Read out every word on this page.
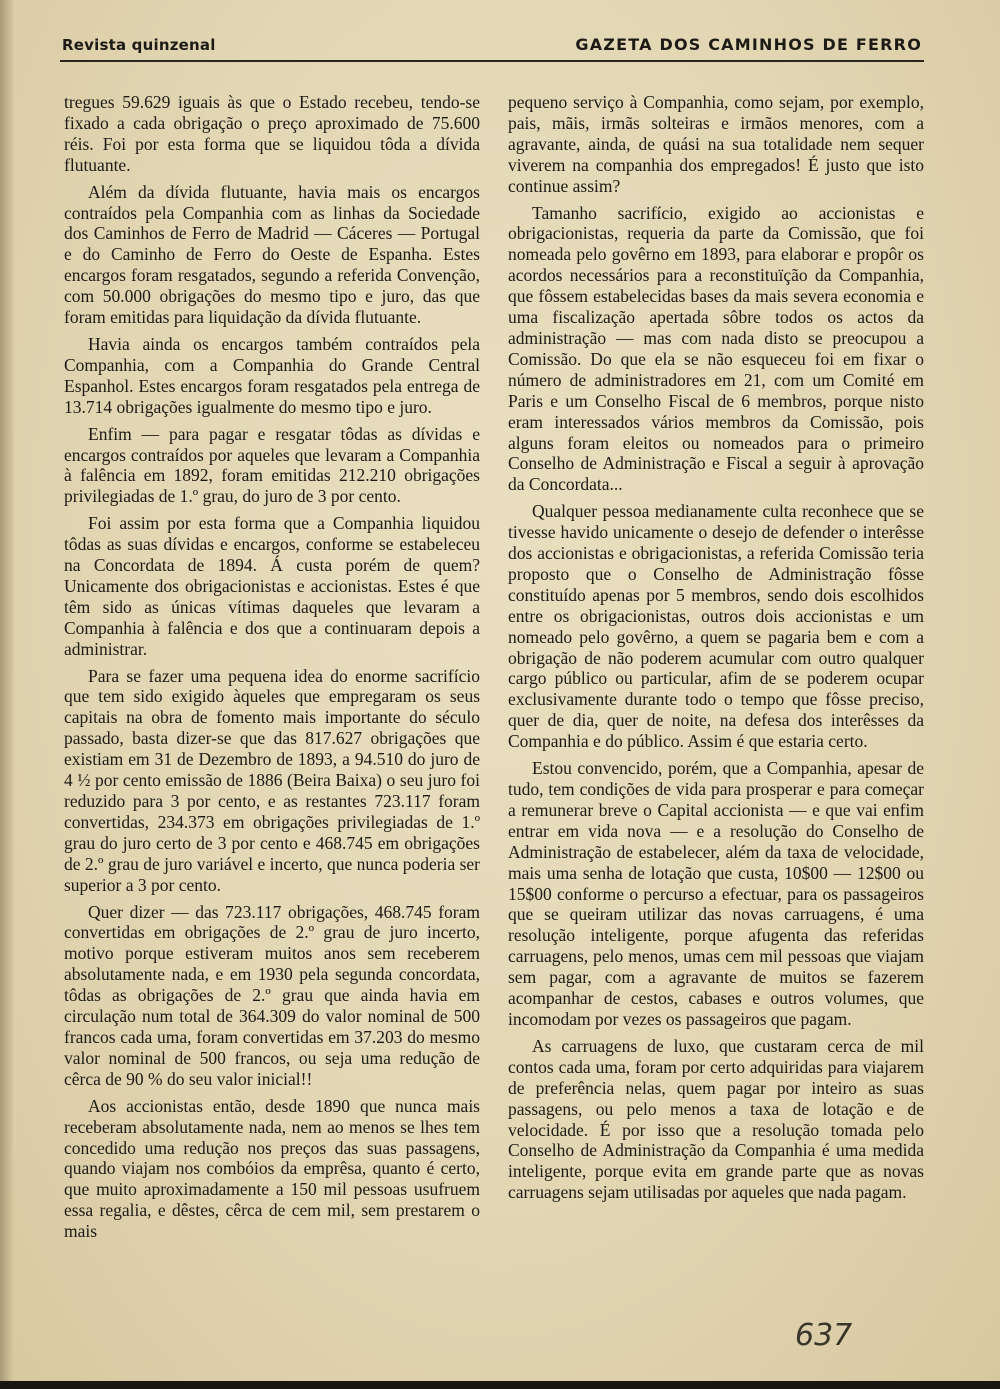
Revista quinzenal	GAZETA DOS CAMINHOS DE FERRO

tregues 59.629 iguais às que o Estado recebeu, tendo-se fixado a cada obrigação o preço aproximado de 75.600 réis. Foi por esta forma que se liquidou tôda a dívida flutuante.

Além da dívida flutuante, havia mais os encargos contraídos pela Companhia com as linhas da Sociedade dos Caminhos de Ferro de Madrid — Cáceres — Portugal e do Caminho de Ferro do Oeste de Espanha. Estes encargos foram resgatados, segundo a referida Convenção, com 50.000 obrigações do mesmo tipo e juro, das que foram emitidas para liquidação da dívida flutuante.

Havia ainda os encargos também contraídos pela Companhia, com a Companhia do Grande Central Espanhol. Estes encargos foram resgatados pela entrega de 13.714 obrigações igualmente do mesmo tipo e juro.

Enfim — para pagar e resgatar tôdas as dívidas e encargos contraídos por aqueles que levaram a Companhia à falência em 1892, foram emitidas 212.210 obrigações privilegiadas de 1.º grau, do juro de 3 por cento.

Foi assim por esta forma que a Companhia liquidou tôdas as suas dívidas e encargos, conforme se estabeleceu na Concordata de 1894. Á custa porém de quem? Unicamente dos obrigacionistas e accionistas. Estes é que têm sido as únicas vítimas daqueles que levaram a Companhia à falência e dos que a continuaram depois a administrar.

Para se fazer uma pequena idea do enorme sacrifício que tem sido exigido àqueles que empregaram os seus capitais na obra de fomento mais importante do século passado, basta dizer-se que das 817.627 obrigações que existiam em 31 de Dezembro de 1893, a 94.510 do juro de 4 ½ por cento emissão de 1886 (Beira Baixa) o seu juro foi reduzido para 3 por cento, e as restantes 723.117 foram convertidas, 234.373 em obrigações privilegiadas de 1.º grau do juro certo de 3 por cento e 468.745 em obrigações de 2.º grau de juro variável e incerto, que nunca poderia ser superior a 3 por cento.

Quer dizer — das 723.117 obrigações, 468.745 foram convertidas em obrigações de 2.º grau de juro incerto, motivo porque estiveram muitos anos sem receberem absolutamente nada, e em 1930 pela segunda concordata, tôdas as obrigações de 2.º grau que ainda havia em circulação num total de 364.309 do valor nominal de 500 francos cada uma, foram convertidas em 37.203 do mesmo valor nominal de 500 francos, ou seja uma redução de cêrca de 90 % do seu valor inicial!!

Aos accionistas então, desde 1890 que nunca mais receberam absolutamente nada, nem ao menos se lhes tem concedido uma redução nos preços das suas passagens, quando viajam nos combóios da emprêsa, quanto é certo, que muito aproximadamente a 150 mil pessoas usufruem essa regalia, e dêstes, cêrca de cem mil, sem prestarem o mais

pequeno serviço à Companhia, como sejam, por exemplo, pais, mãis, irmãs solteiras e irmãos menores, com a agravante, ainda, de quási na sua totalidade nem sequer viverem na companhia dos empregados! É justo que isto continue assim?

Tamanho sacrifício, exigido ao accionistas e obrigacionistas, requeria da parte da Comissão, que foi nomeada pelo govêrno em 1893, para elaborar e propôr os acordos necessários para a reconstituïção da Companhia, que fôssem estabelecidas bases da mais severa economia e uma fiscalização apertada sôbre todos os actos da administração — mas com nada disto se preocupou a Comissão. Do que ela se não esqueceu foi em fixar o número de administradores em 21, com um Comité em Paris e um Conselho Fiscal de 6 membros, porque nisto eram interessados vários membros da Comissão, pois alguns foram eleitos ou nomeados para o primeiro Conselho de Administração e Fiscal a seguir à aprovação da Concordata...

Qualquer pessoa medianamente culta reconhece que se tivesse havido unicamente o desejo de defender o interêsse dos accionistas e obrigacionistas, a referida Comissão teria proposto que o Conselho de Administração fôsse constituído apenas por 5 membros, sendo dois escolhidos entre os obrigacionistas, outros dois accionistas e um nomeado pelo govêrno, a quem se pagaria bem e com a obrigação de não poderem acumular com outro qualquer cargo público ou particular, afim de se poderem ocupar exclusivamente durante todo o tempo que fôsse preciso, quer de dia, quer de noite, na defesa dos interêsses da Companhia e do público. Assim é que estaria certo.

Estou convencido, porém, que a Companhia, apesar de tudo, tem condições de vida para prosperar e para começar a remunerar breve o Capital accionista — e que vai enfim entrar em vida nova — e a resolução do Conselho de Administração de estabelecer, além da taxa de velocidade, mais uma senha de lotação que custa, 10$00 — 12$00 ou 15$00 conforme o percurso a efectuar, para os passageiros que se queiram utilizar das novas carruagens, é uma resolução inteligente, porque afugenta das referidas carruagens, pelo menos, umas cem mil pessoas que viajam sem pagar, com a agravante de muitos se fazerem acompanhar de cestos, cabases e outros volumes, que incomodam por vezes os passageiros que pagam.

As carruagens de luxo, que custaram cerca de mil contos cada uma, foram por certo adquiridas para viajarem de preferência nelas, quem pagar por inteiro as suas passagens, ou pelo menos a taxa de lotação e de velocidade. É por isso que a resolução tomada pelo Conselho de Administração da Companhia é uma medida inteligente, porque evita em grande parte que as novas carruagens sejam utilisadas por aqueles que nada pagam.

637
